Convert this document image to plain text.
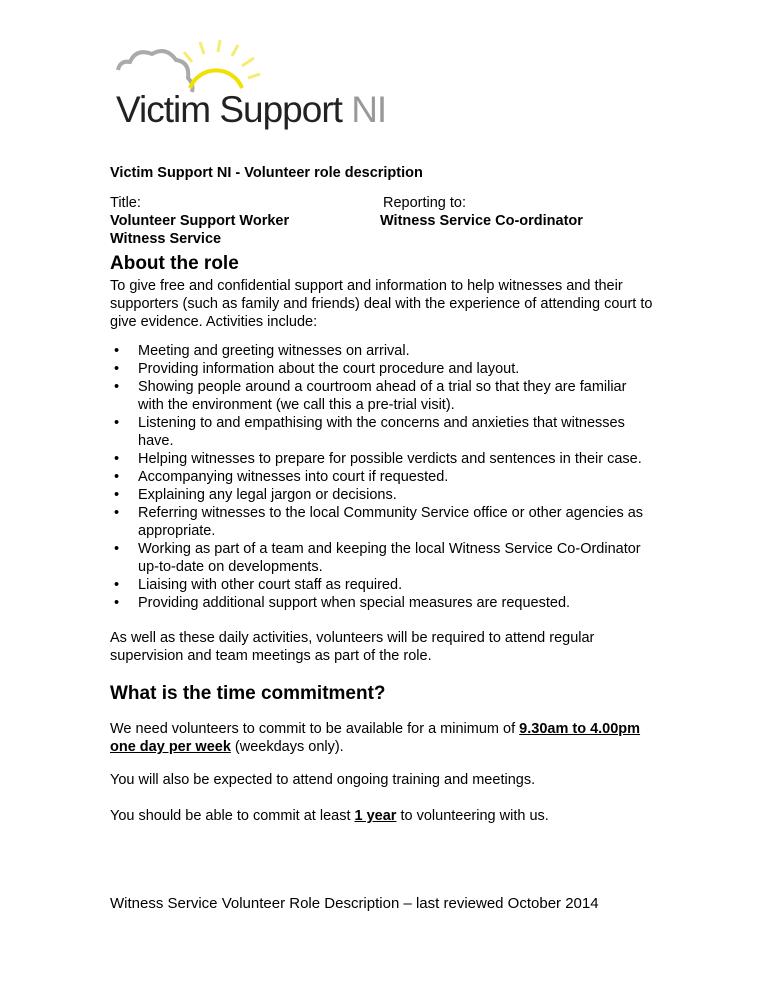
Victim Support NI
Victim Support NI - Volunteer role description
Title:
Volunteer Support Worker
Witness Service
Reporting to:
Witness Service Co-ordinator
About the role

To give free and confidential support and information to help witnesses and their supporters (such as family and friends) deal with the experience of attending court to give evidence. Activities include:

• Meeting and greeting witnesses on arrival.
• Providing information about the court procedure and layout.
• Showing people around a courtroom ahead of a trial so that they are familiar with the environment (we call this a pre-trial visit).
• Listening to and empathising with the concerns and anxieties that witnesses have.
• Helping witnesses to prepare for possible verdicts and sentences in their case.
• Accompanying witnesses into court if requested.
• Explaining any legal jargon or decisions.
• Referring witnesses to the local Community Service office or other agencies as appropriate.
• Working as part of a team and keeping the local Witness Service Co-Ordinator up-to-date on developments.
• Liaising with other court staff as required.
• Providing additional support when special measures are requested.

As well as these daily activities, volunteers will be required to attend regular supervision and team meetings as part of the role.

What is the time commitment?

We need volunteers to commit to be available for a minimum of 9.30am to 4.00pm one day per week (weekdays only).

You will also be expected to attend ongoing training and meetings.

You should be able to commit at least 1 year to volunteering with us.

Witness Service Volunteer Role Description – last reviewed October 2014
